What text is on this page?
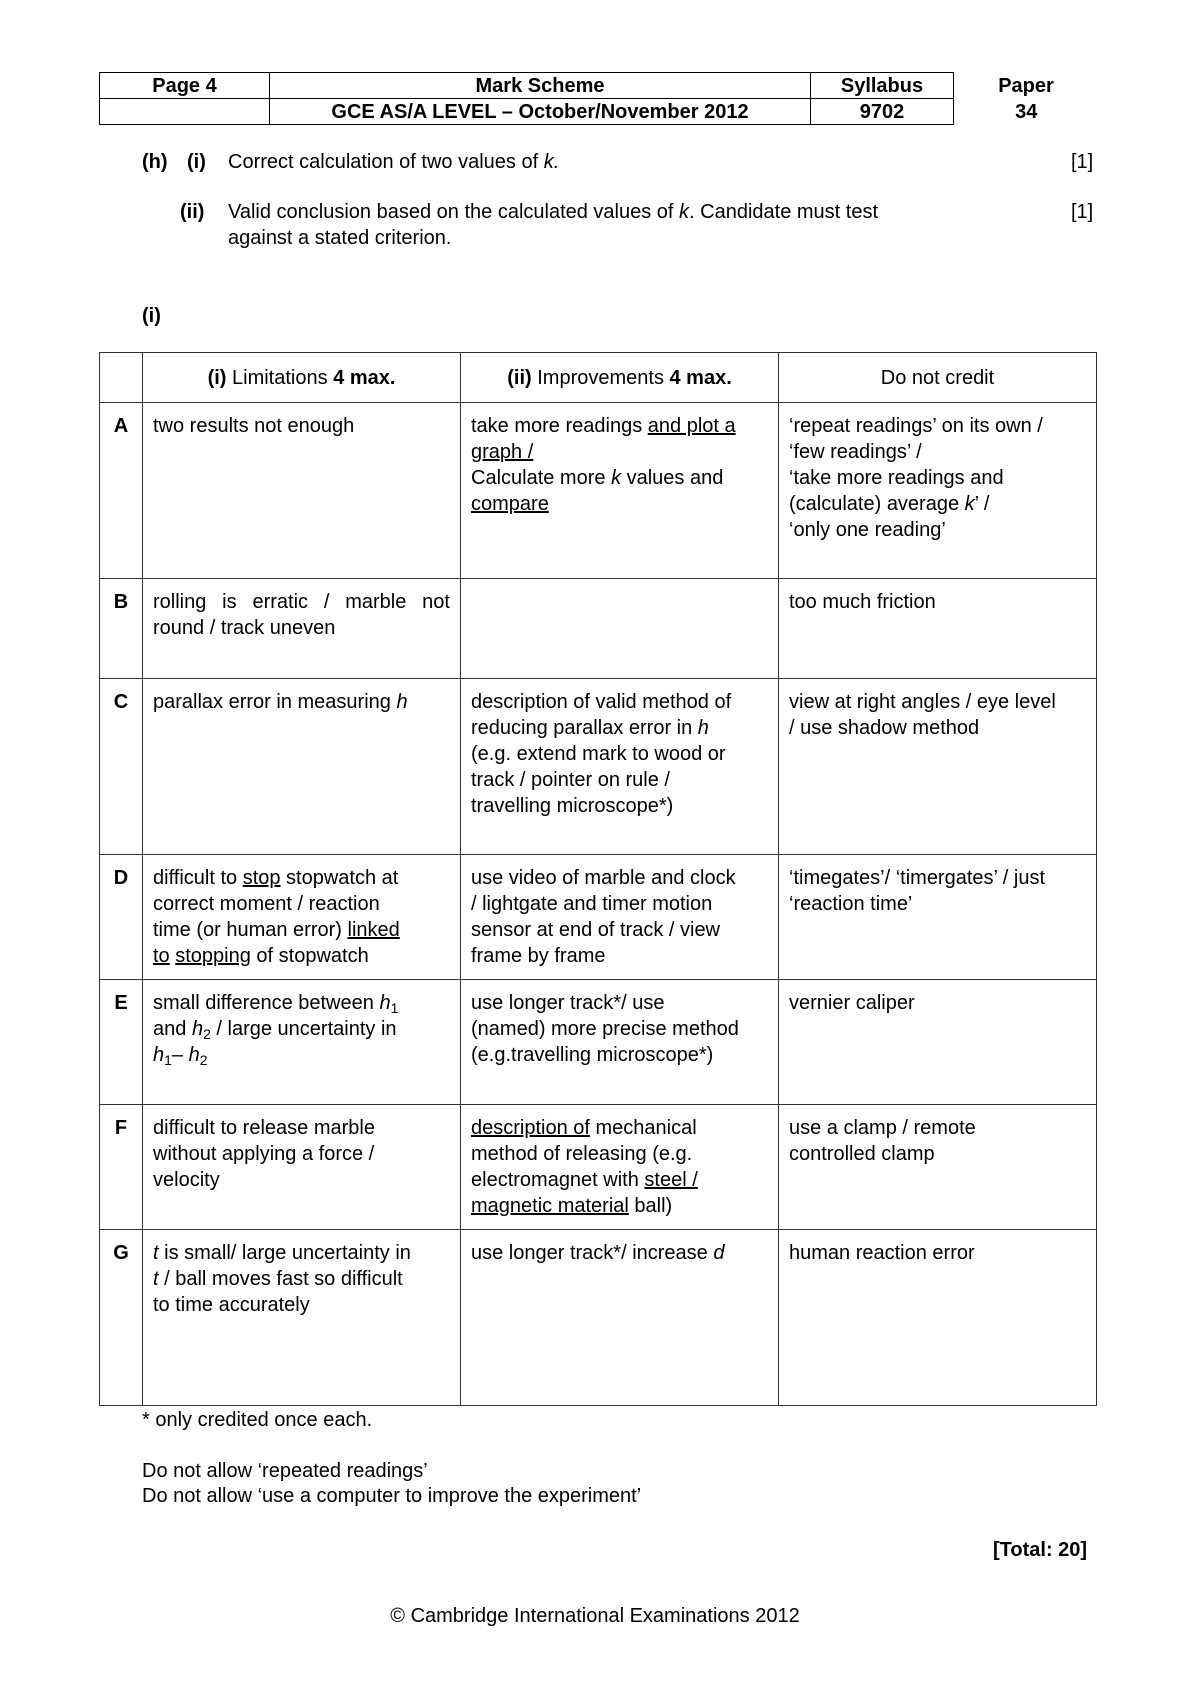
Page 4	Mark Scheme	Syllabus	Paper
	GCE AS/A LEVEL – October/November 2012	9702	34
(h) (i) Correct calculation of two values of k.	[1]
(ii) Valid conclusion based on the calculated values of k. Candidate must test
against a stated criterion.
[1]
(i)
	(i) Limitations 4 max.	(ii) Improvements 4 max.	Do not credit
A	two results not enough	take more readings and plot a graph /
Calculate more k values and compare	‘repeat readings’ on its own /
‘few readings’ /
‘take more readings and
(calculate) average k’ /
‘only one reading’
B	rolling is erratic / marble not round / track uneven		too much friction
C	parallax error in measuring h	description of valid method of
reducing parallax error in h
(e.g. extend mark to wood or
track / pointer on rule /
travelling microscope*)	view at right angles / eye level
/ use shadow method
D	difficult to stop stopwatch at
correct moment / reaction
time (or human error) linked
to stopping of stopwatch	use video of marble and clock
/ lightgate and timer motion
sensor at end of track / view
frame by frame	‘timegates’/ ‘timergates’ / just
‘reaction time’
E	small difference between $h_1$
and $h_2$ / large uncertainty in
$h_1-$ $h_2$	use longer track*/ use
(named) more precise method
(e.g.travelling microscope*)	vernier caliper
F	difficult to release marble
without applying a force /
velocity	description of mechanical
method of releasing (e.g.
electromagnet with steel /
magnetic material ball)	use a clamp / remote
controlled clamp
G	t is small/ large uncertainty in
t / ball moves fast so difficult
to time accurately	use longer track*/ increase d	human reaction error
* only credited once each.
Do not allow ‘repeated readings’
Do not allow ‘use a computer to improve the experiment’
[Total: 20]
© Cambridge International Examinations 2012
